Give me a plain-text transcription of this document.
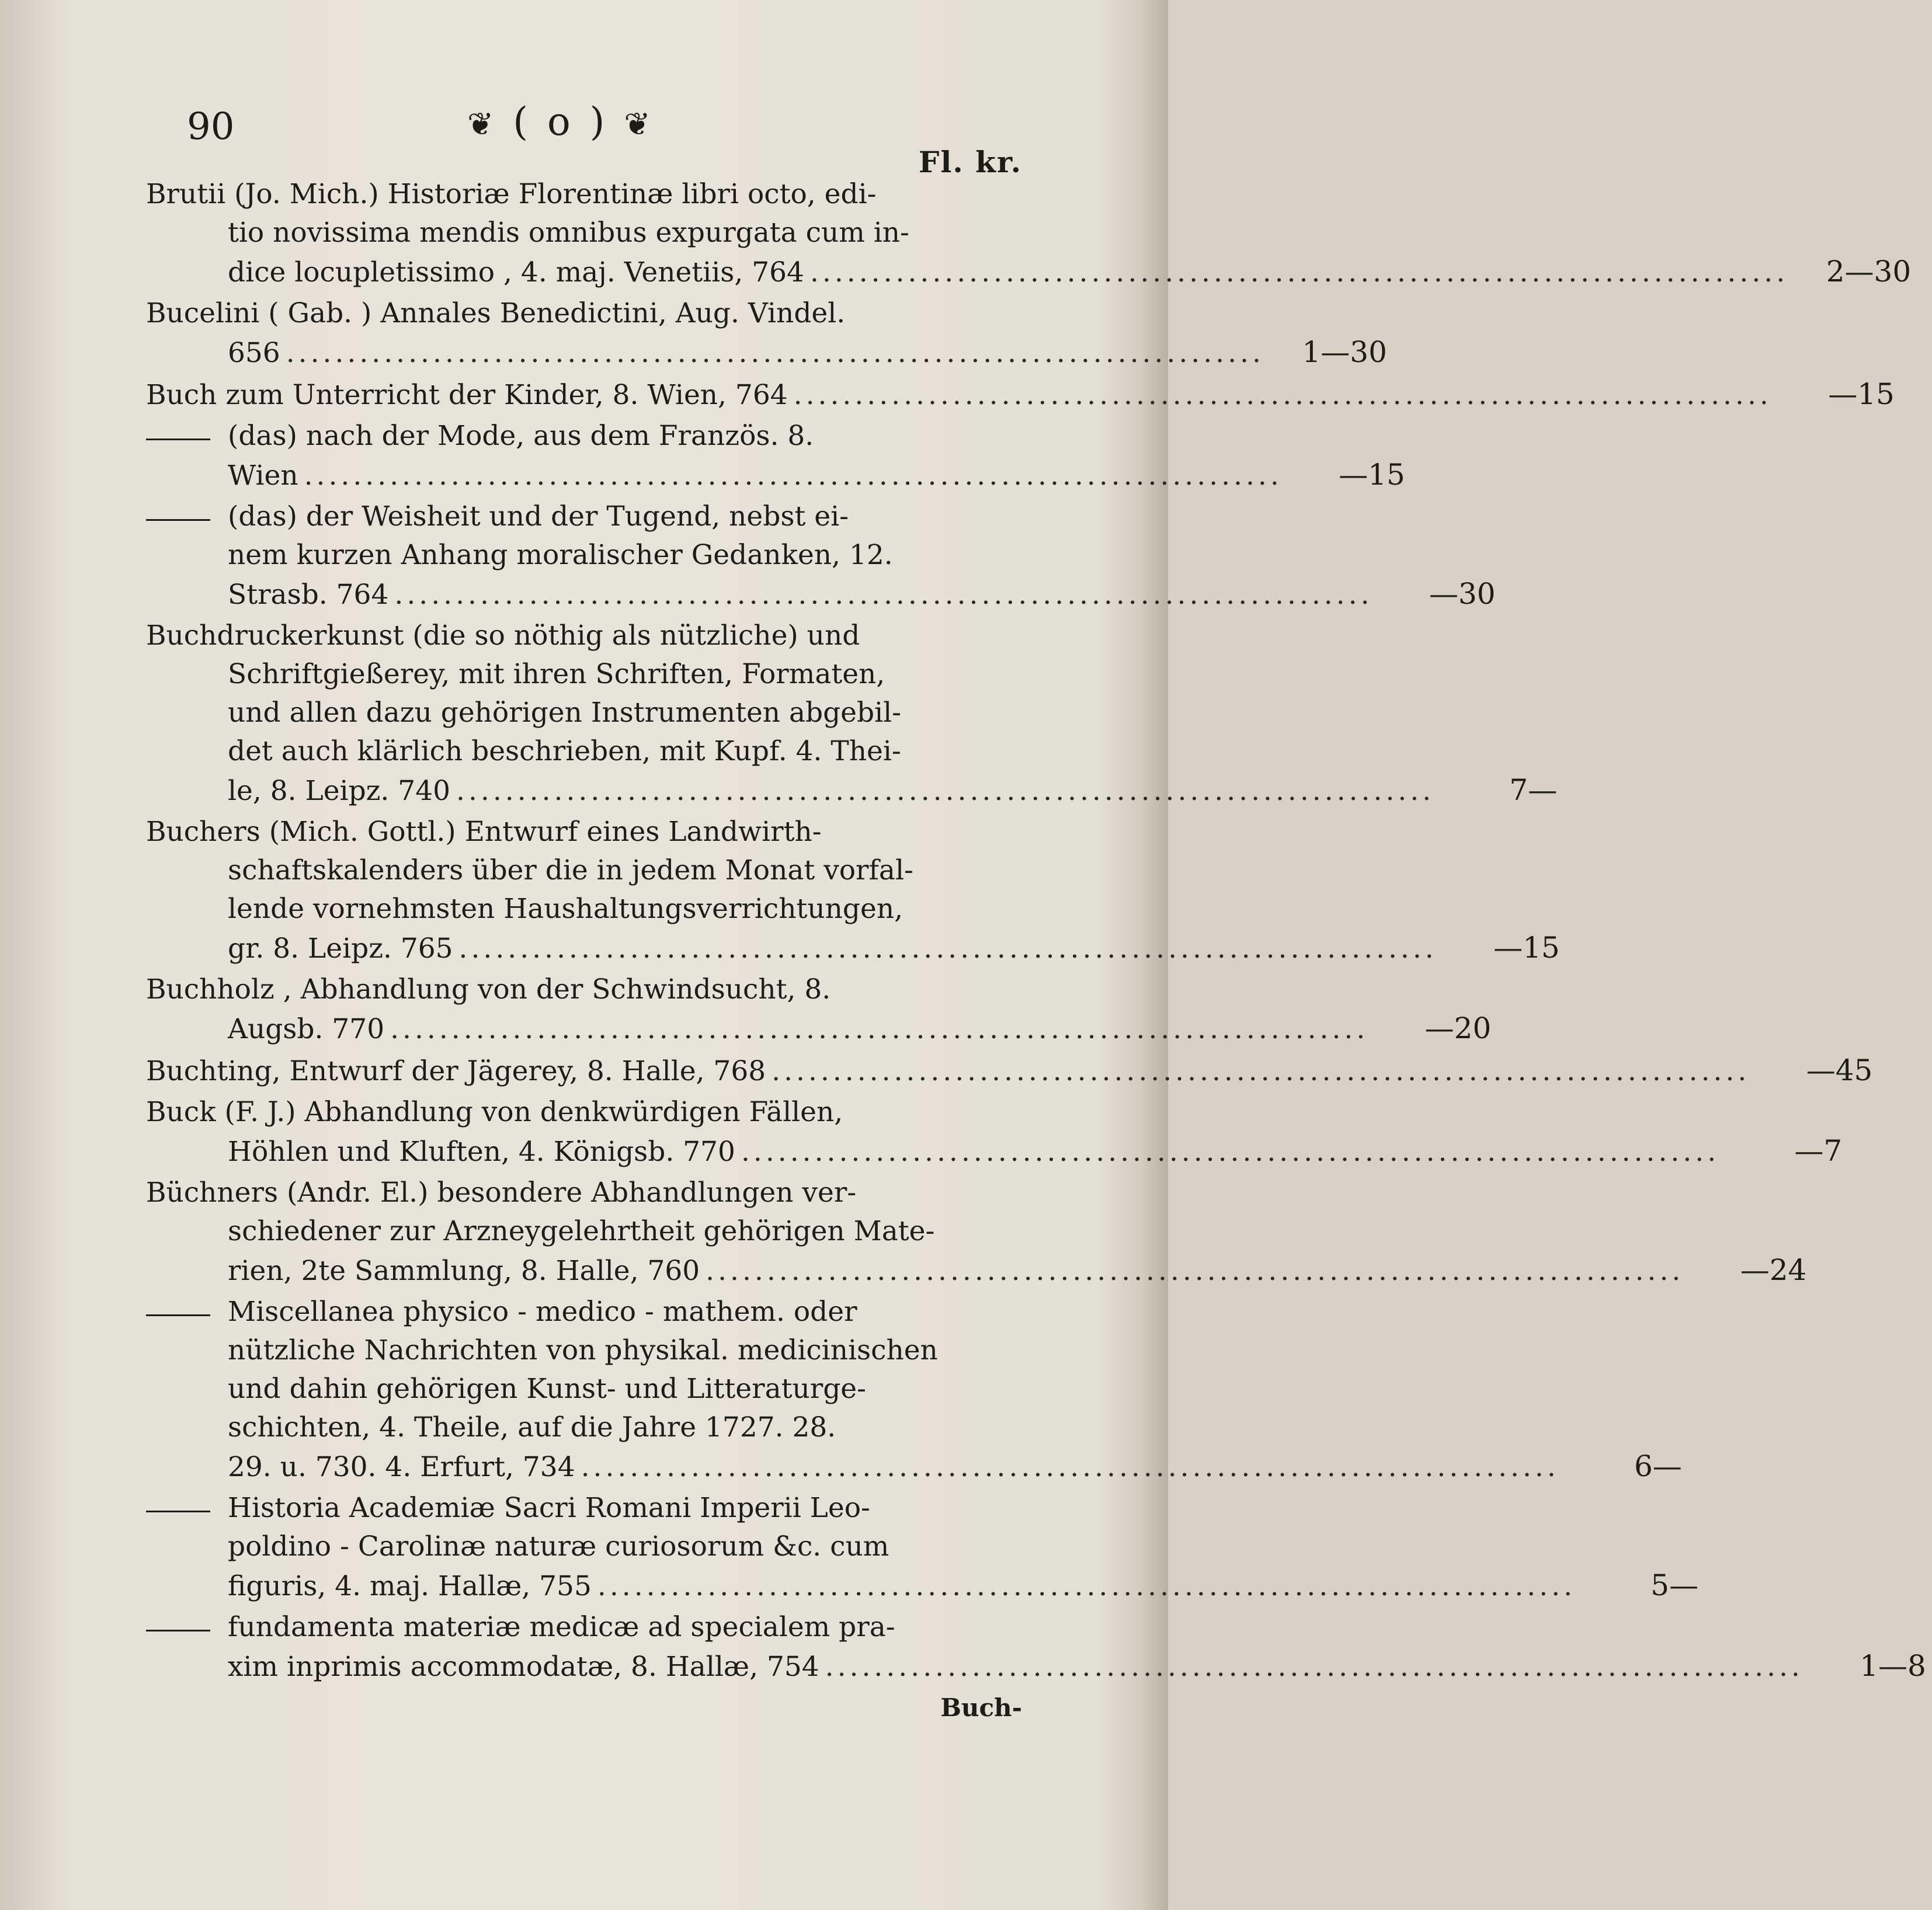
90	❦ ( o ) ❦
Fl. kr.
Brutii (Jo. Mich.) Historiæ Florentinæ libri octo, edi-
tio novissima mendis omnibus expurgata cum in-
dice locupletissimo , 4. maj. Venetiis, 764 ................................................................................	2—30
Bucelini ( Gab. ) Annales Benedictini, Aug. Vindel.
656 ................................................................................	1—30
Buch zum Unterricht der Kinder, 8. Wien, 764 ................................................................................	—15
(das) nach der Mode, aus dem Französ. 8.
Wien ................................................................................	—15
(das) der Weisheit und der Tugend, nebst ei-
nem kurzen Anhang moralischer Gedanken, 12.
Strasb. 764 ................................................................................	—30
Buchdruckerkunst (die so nöthig als nützliche) und
Schriftgießerey, mit ihren Schriften, Formaten,
und allen dazu gehörigen Instrumenten abgebil-
det auch klärlich beschrieben, mit Kupf. 4. Thei-
le, 8. Leipz. 740 ................................................................................	7—
Buchers (Mich. Gottl.) Entwurf eines Landwirth-
schaftskalenders über die in jedem Monat vorfal-
lende vornehmsten Haushaltungsverrichtungen,
gr. 8. Leipz. 765 ................................................................................	—15
Buchholz , Abhandlung von der Schwindsucht, 8.
Augsb. 770 ................................................................................	—20
Buchting, Entwurf der Jägerey, 8. Halle, 768 ................................................................................	—45
Buck (F. J.) Abhandlung von denkwürdigen Fällen,
Höhlen und Kluften, 4. Königsb. 770 ................................................................................	—7
Büchners (Andr. El.) besondere Abhandlungen ver-
schiedener zur Arzneygelehrtheit gehörigen Mate-
rien, 2te Sammlung, 8. Halle, 760 ................................................................................	—24
Miscellanea physico - medico - mathem. oder
nützliche Nachrichten von physikal. medicinischen
und dahin gehörigen Kunst- und Litteraturge-
schichten, 4. Theile, auf die Jahre 1727. 28.
29. u. 730. 4. Erfurt, 734 ................................................................................	6—
Historia Academiæ Sacri Romani Imperii Leo-
poldino - Carolinæ naturæ curiosorum &c. cum
figuris, 4. maj. Hallæ, 755 ................................................................................	5—
fundamenta materiæ medicæ ad specialem pra-
xim inprimis accommodatæ, 8. Hallæ, 754 ................................................................................	1—8
Buch-
